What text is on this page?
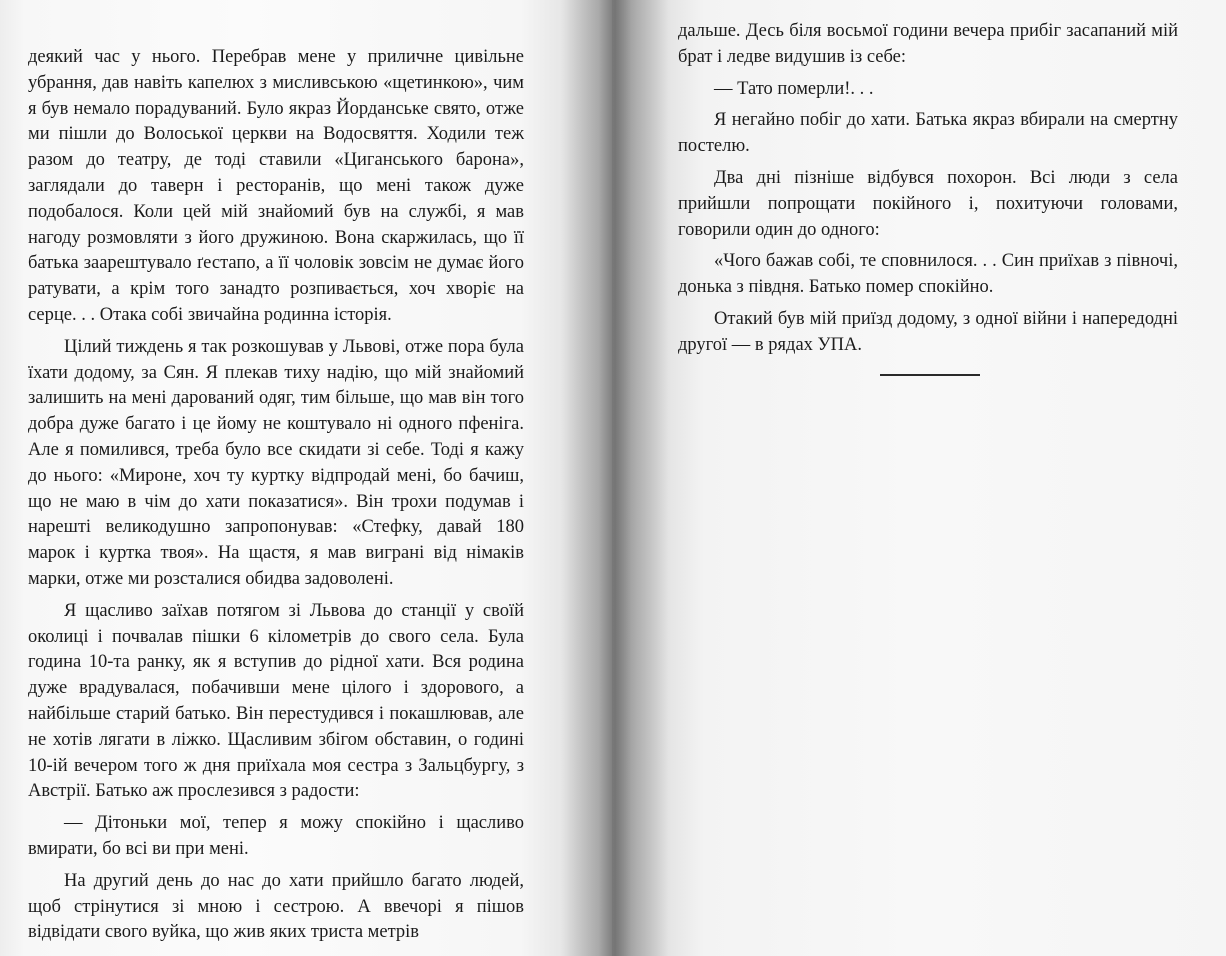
деякий час у нього. Перебрав мене у приличне цивільне убрання, дав навіть капелюх з мисливською «щетинкою», чим я був немало порадуваний. Було якраз Йорданське свято, отже ми пішли до Волоської церкви на Водосвяття. Ходили теж разом до театру, де тоді ставили «Циганського барона», заглядали до таверн і ресторанів, що мені також дуже подобалося. Коли цей мій знайомий був на службі, я мав нагоду розмовляти з його дружиною. Вона скаржилась, що її батька заарештувало ґестапо, а її чоловік зовсім не думає його ратувати, а крім того занадто розпивається, хоч хворіє на серце. . . Отака собі звичайна родинна історія.

Цілий тиждень я так розкошував у Львові, отже пора була їхати додому, за Сян. Я плекав тиху надію, що мій знайомий залишить на мені дарований одяг, тим більше, що мав він того добра дуже багато і це йому не коштувало ні одного пфеніга. Але я помилився, треба було все скидати зі себе. Тоді я кажу до нього: «Мироне, хоч ту куртку відпродай мені, бо бачиш, що не маю в чім до хати показатися». Він трохи подумав і нарешті великодушно запропонував: «Стефку, давай 180 марок і куртка твоя». На щастя, я мав виграні від німаків марки, отже ми розсталися обидва задоволені.

Я щасливо заїхав потягом зі Львова до станції у своїй околиці і почвалав пішки 6 кілометрів до свого села. Була година 10-та ранку, як я вступив до рідної хати. Вся родина дуже врадувалася, побачивши мене цілого і здорового, а найбільше старий батько. Він перестудився і покашлював, але не хотів лягати в ліжко. Щасливим збігом обставин, о годині 10-ій вечером того ж дня приїхала моя сестра з Зальцбургу, з Австрії. Батько аж прослезився з радости:

— Дітоньки мої, тепер я можу спокійно і щасливо вмирати, бо всі ви при мені.

На другий день до нас до хати прийшло багато людей, щоб стрінутися зі мною і сестрою. А ввечорі я пішов відвідати свого вуйка, що жив яких триста метрів

дальше. Десь біля восьмої години вечера прибіг засапаний мій брат і ледве видушив із себе:

— Тато померли!. . .

Я негайно побіг до хати. Батька якраз вбирали на смертну постелю.

Два дні пізніше відбувся похорон. Всі люди з села прийшли попрощати покійного і, похитуючи головами, говорили один до одного:

«Чого бажав собі, те сповнилося. . . Син приїхав з півночі, донька з півдня. Батько помер спокійно.

Отакий був мій приїзд додому, з одної війни і напередодні другої — в рядах УПА.
